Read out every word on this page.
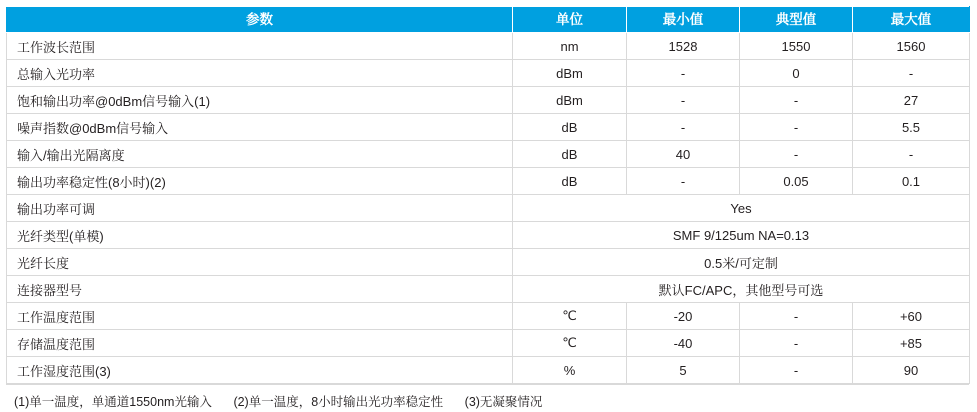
参数	单位	最小值	典型值	最大值
工作波长范围	nm	1528	1550	1560
总输入光功率	dBm	-	0	-
饱和输出功率@0dBm信号输入(1)	dBm	-	-	27
噪声指数@0dBm信号输入	dB	-	-	5.5
输入/输出光隔离度	dB	40	-	-
输出功率稳定性(8小时)(2)	dB	-	0.05	0.1
输出功率可调	Yes			
光纤类型(单模)	SMF 9/125um NA=0.13			
光纤长度	0.5米/可定制			
连接器型号	默认FC/APC，其他型号可选			
工作温度范围	℃	-20	-	+60
存储温度范围	℃	-40	-	+85
工作湿度范围(3)	%	5	-	90
(1)单一温度，单通道1550nm光输入 (2)单一温度，8小时输出光功率稳定性 (3)无凝聚情况
